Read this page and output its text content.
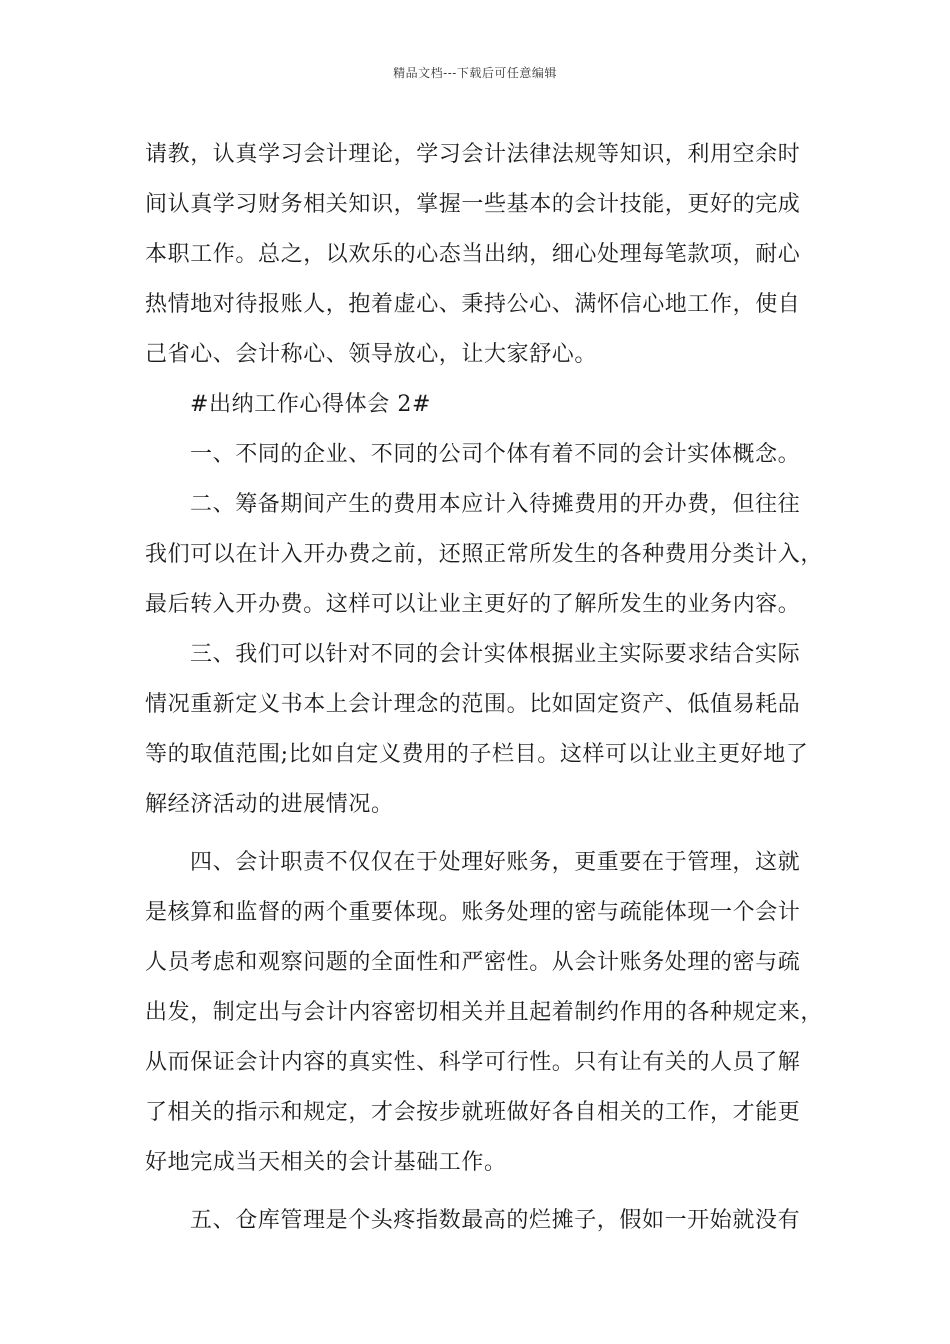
精品文档---下载后可任意编辑
请教，认真学习会计理论，学习会计法律法规等知识，利用空余时
间认真学习财务相关知识，掌握一些基本的会计技能，更好的完成
本职工作。总之，以欢乐的心态当出纳，细心处理每笔款项，耐心
热情地对待报账人，抱着虚心、秉持公心、满怀信心地工作，使自
己省心、会计称心、领导放心，让大家舒心。
#出纳工作心得体会 2#
一、不同的企业、不同的公司个体有着不同的会计实体概念。
二、筹备期间产生的费用本应计入待摊费用的开办费，但往往
我们可以在计入开办费之前，还照正常所发生的各种费用分类计入，
最后转入开办费。这样可以让业主更好的了解所发生的业务内容。
三、我们可以针对不同的会计实体根据业主实际要求结合实际
情况重新定义书本上会计理念的范围。比如固定资产、低值易耗品
等的取值范围;比如自定义费用的子栏目。这样可以让业主更好地了
解经济活动的进展情况。
四、会计职责不仅仅在于处理好账务，更重要在于管理，这就
是核算和监督的两个重要体现。账务处理的密与疏能体现一个会计
人员考虑和观察问题的全面性和严密性。从会计账务处理的密与疏
出发，制定出与会计内容密切相关并且起着制约作用的各种规定来，
从而保证会计内容的真实性、科学可行性。只有让有关的人员了解
了相关的指示和规定，才会按步就班做好各自相关的工作，才能更
好地完成当天相关的会计基础工作。
五、仓库管理是个头疼指数最高的烂摊子，假如一开始就没有
